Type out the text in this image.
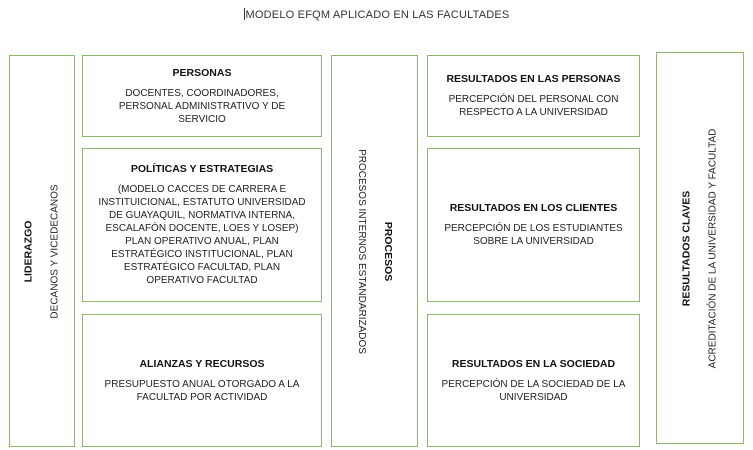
MODELO EFQM APLICADO EN LAS FACULTADES
LIDERAZGO DECANOS Y VICEDECANOS
PERSONAS
DOCENTES, COORDINADORES, PERSONAL ADMINISTRATIVO Y DE SERVICIO
POLÍTICAS Y ESTRATEGIAS
(MODELO CACCES DE CARRERA E INSTITUICIONAL, ESTATUTO UNIVERSIDAD DE GUAYAQUIL, NORMATIVA INTERNA, ESCALAFÓN DOCENTE, LOES Y LOSEP) PLAN OPERATIVO ANUAL, PLAN ESTRATÉGICO INSTITUCIONAL, PLAN ESTRATÉGICO FACULTAD, PLAN OPERATIVO FACULTAD
ALIANZAS Y RECURSOS
PRESUPUESTO ANUAL OTORGADO A LA FACULTAD POR ACTIVIDAD
PROCESOS
PROCESOS INTERNOS ESTANDARIZADOS
RESULTADOS EN LAS PERSONAS
PERCEPCIÓN DEL PERSONAL CON RESPECTO A LA UNIVERSIDAD
RESULTADOS EN LOS CLIENTES
PERCEPCIÓN DE LOS ESTUDIANTES SOBRE LA UNIVERSIDAD
RESULTADOS EN LA SOCIEDAD
PERCEPCIÓN DE LA SOCIEDAD DE LA UNIVERSIDAD
RESULTADOS CLAVES ACREDITACIÓN DE LA UNIVERSIDAD Y FACULTAD
